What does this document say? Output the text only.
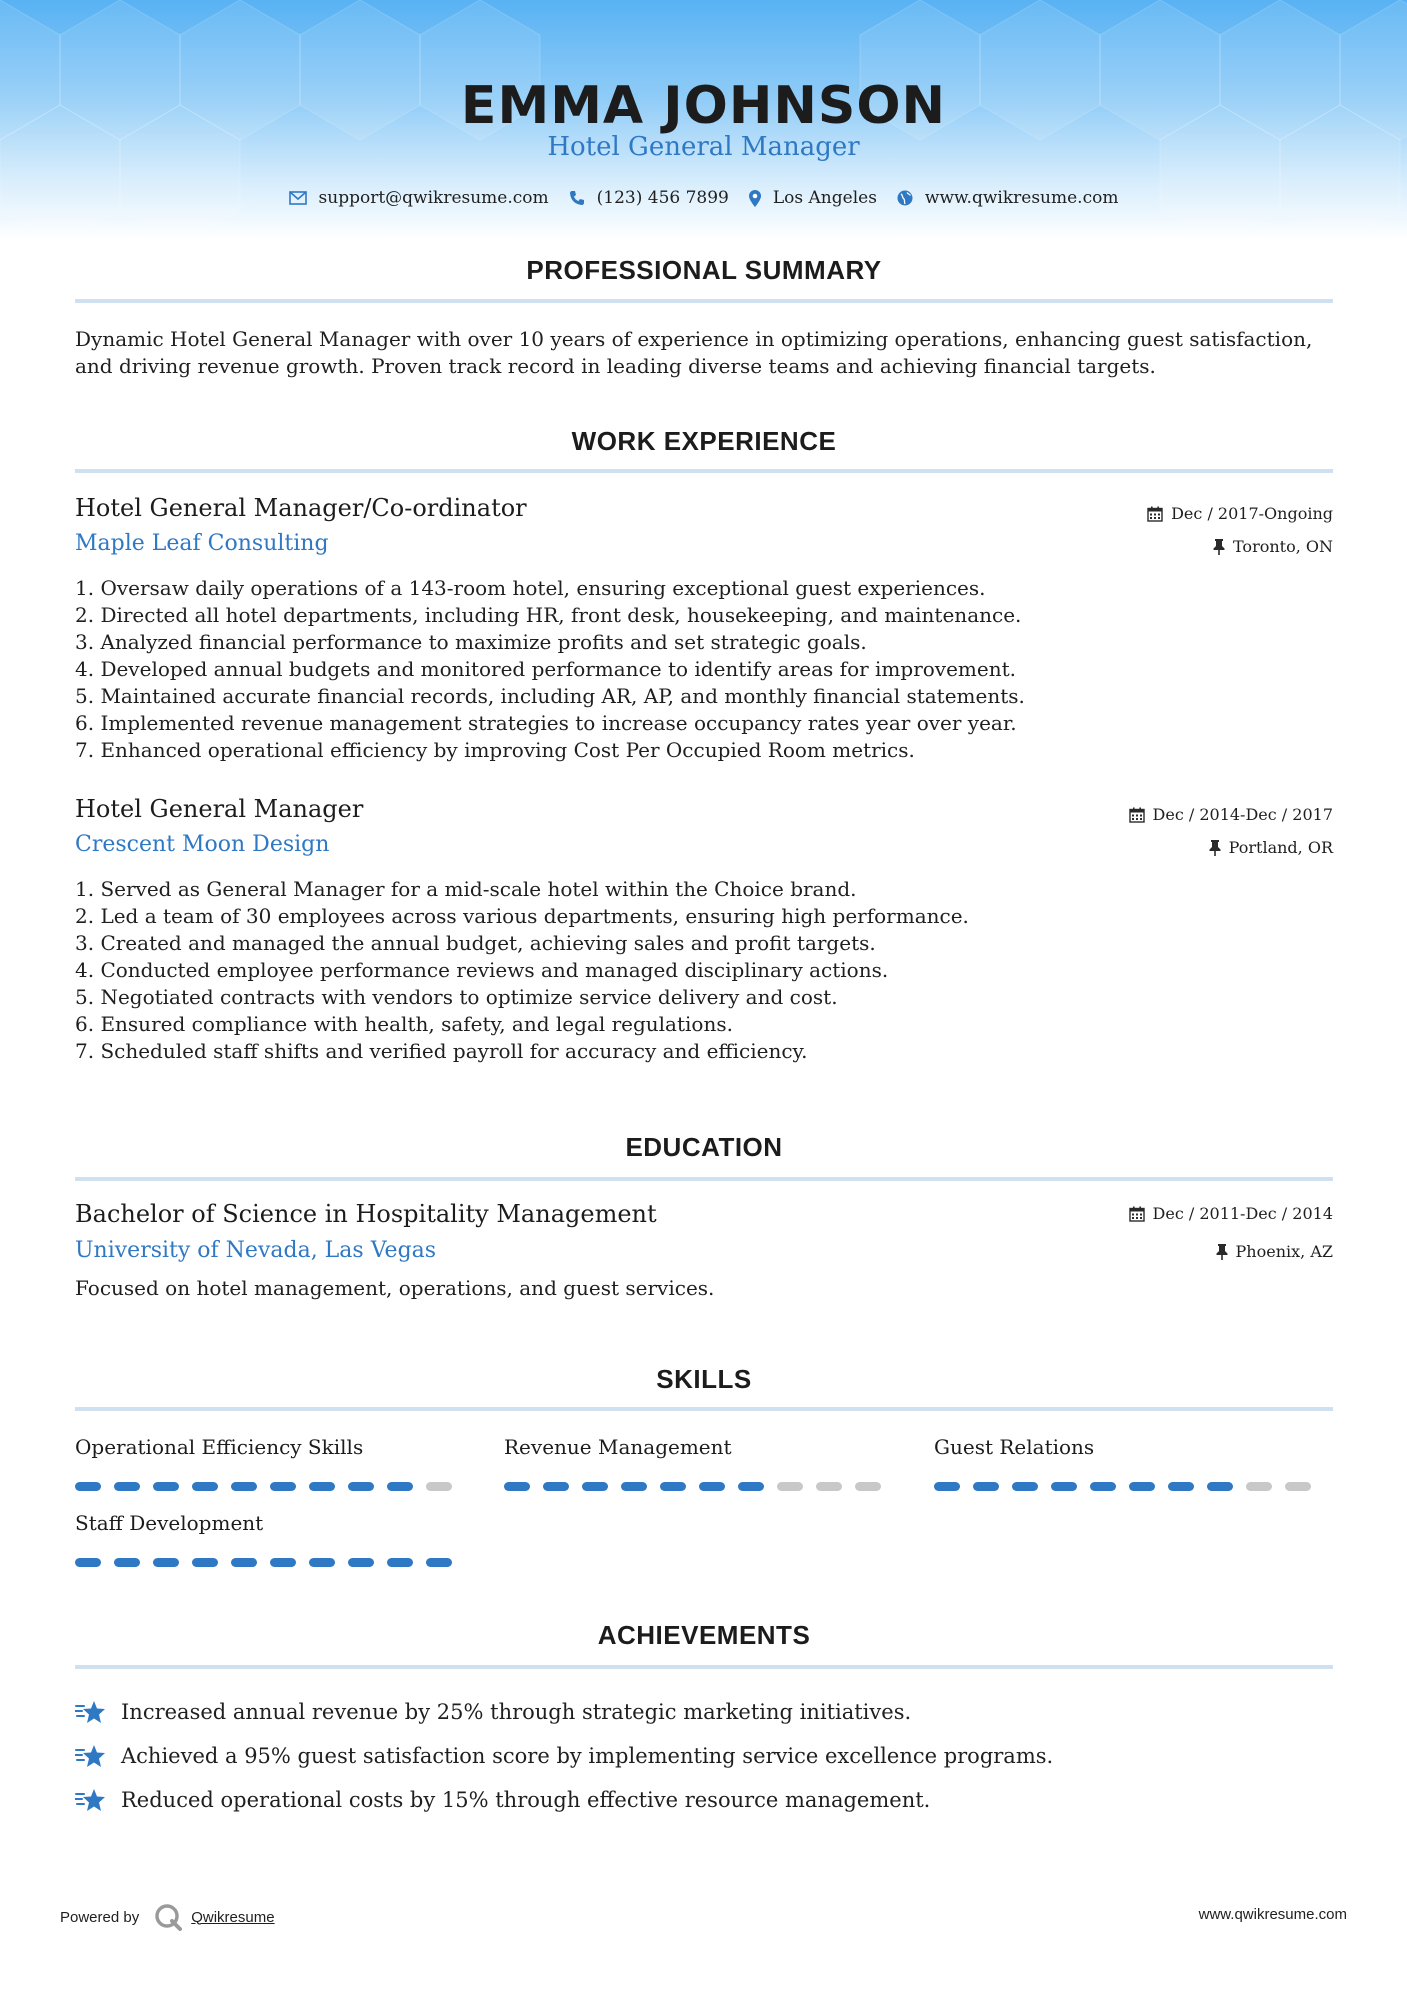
EMMA JOHNSON
Hotel General Manager
support@qwikresume.com	(123) 456 7899	Los Angeles	www.qwikresume.com
PROFESSIONAL SUMMARY
Dynamic Hotel General Manager with over 10 years of experience in optimizing operations, enhancing guest satisfaction, and driving revenue growth. Proven track record in leading diverse teams and achieving financial targets.
WORK EXPERIENCE
Hotel General Manager/Co-ordinator
Maple Leaf Consulting
Dec / 2017-Ongoing
Toronto, ON
1. Oversaw daily operations of a 143-room hotel, ensuring exceptional guest experiences.
2. Directed all hotel departments, including HR, front desk, housekeeping, and maintenance.
3. Analyzed financial performance to maximize profits and set strategic goals.
4. Developed annual budgets and monitored performance to identify areas for improvement.
5. Maintained accurate financial records, including AR, AP, and monthly financial statements.
6. Implemented revenue management strategies to increase occupancy rates year over year.
7. Enhanced operational efficiency by improving Cost Per Occupied Room metrics.
Hotel General Manager
Crescent Moon Design
Dec / 2014-Dec / 2017
Portland, OR
1. Served as General Manager for a mid-scale hotel within the Choice brand.
2. Led a team of 30 employees across various departments, ensuring high performance.
3. Created and managed the annual budget, achieving sales and profit targets.
4. Conducted employee performance reviews and managed disciplinary actions.
5. Negotiated contracts with vendors to optimize service delivery and cost.
6. Ensured compliance with health, safety, and legal regulations.
7. Scheduled staff shifts and verified payroll for accuracy and efficiency.
EDUCATION
Bachelor of Science in Hospitality Management
University of Nevada, Las Vegas
Dec / 2011-Dec / 2014
Phoenix, AZ
Focused on hotel management, operations, and guest services.
SKILLS
Operational Efficiency Skills	Revenue Management	Guest Relations
Staff Development
ACHIEVEMENTS
Increased annual revenue by 25% through strategic marketing initiatives.
Achieved a 95% guest satisfaction score by implementing service excellence programs.
Reduced operational costs by 15% through effective resource management.
Powered by	Qwikresume	www.qwikresume.com
